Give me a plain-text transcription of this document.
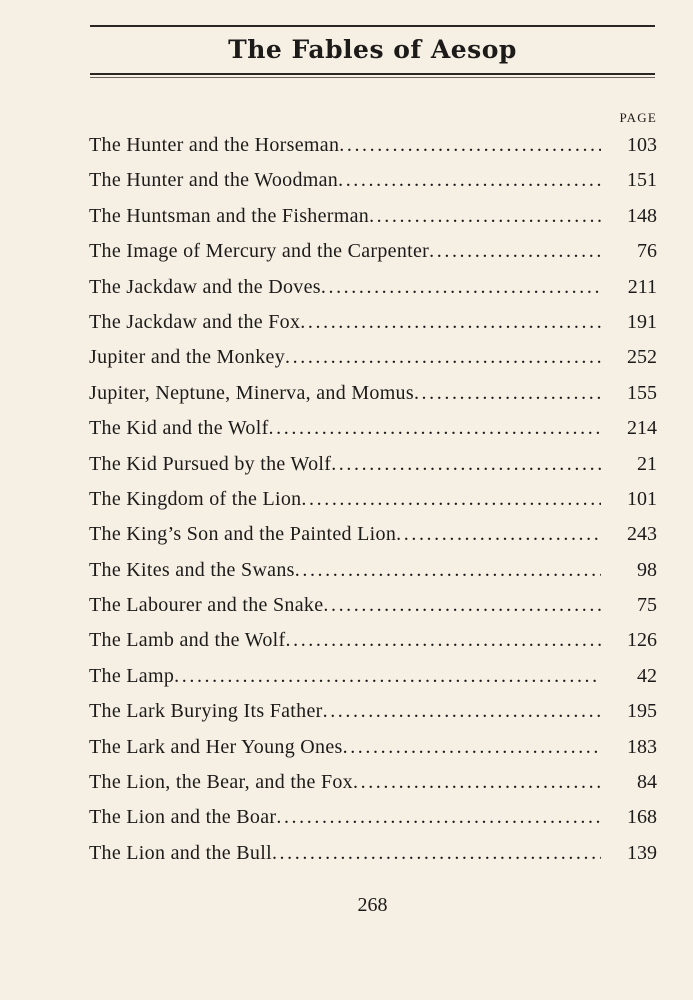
The Fables of Aesop
PAGE
The Hunter and the Horseman .....	103
The Hunter and the Woodman .....	151
The Huntsman and the Fisherman .....	148
The Image of Mercury and the Carpenter .....	76
The Jackdaw and the Doves .....	211
The Jackdaw and the Fox .....	191
Jupiter and the Monkey .....	252
Jupiter, Neptune, Minerva, and Momus .....	155
The Kid and the Wolf .....	214
The Kid Pursued by the Wolf .....	21
The Kingdom of the Lion .....	101
The King’s Son and the Painted Lion .....	243
The Kites and the Swans .....	98
The Labourer and the Snake .....	75
The Lamb and the Wolf .....	126
The Lamp .....	42
The Lark Burying Its Father .....	195
The Lark and Her Young Ones .....	183
The Lion, the Bear, and the Fox .....	84
The Lion and the Boar .....	168
The Lion and the Bull .....	139
268
